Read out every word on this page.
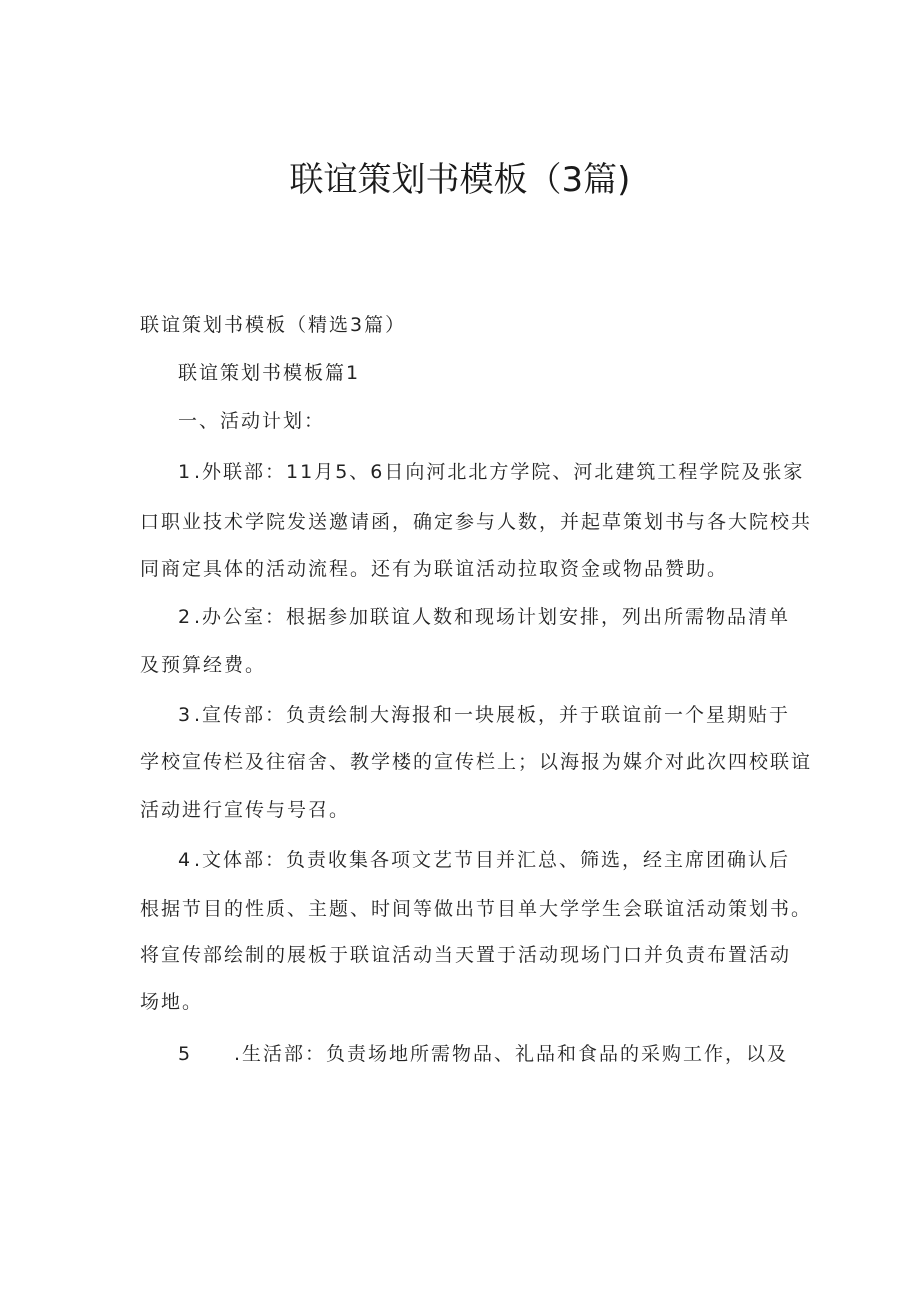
联谊策划书模板（3篇)
联谊策划书模板（精选3篇）
联谊策划书模板篇1
一、活动计划：
1 .外联部：11月5、6日向河北北方学院、河北建筑工程学院及张家
口职业技术学院发送邀请函，确定参与人数，并起草策划书与各大院校共
同商定具体的活动流程。还有为联谊活动拉取资金或物品赞助。
2 .办公室：根据参加联谊人数和现场计划安排，列出所需物品清单
及预算经费。
3 .宣传部：负责绘制大海报和一块展板，并于联谊前一个星期贴于
学校宣传栏及往宿舍、教学楼的宣传栏上；以海报为媒介对此次四校联谊
活动进行宣传与号召。
4 .文体部：负责收集各项文艺节目并汇总、筛选，经主席团确认后
根据节目的性质、主题、时间等做出节目单大学学生会联谊活动策划书。
将宣传部绘制的展板于联谊活动当天置于活动现场门口并负责布置活动
场地。
5 .生活部：负责场地所需物品、礼品和食品的采购工作，以及
